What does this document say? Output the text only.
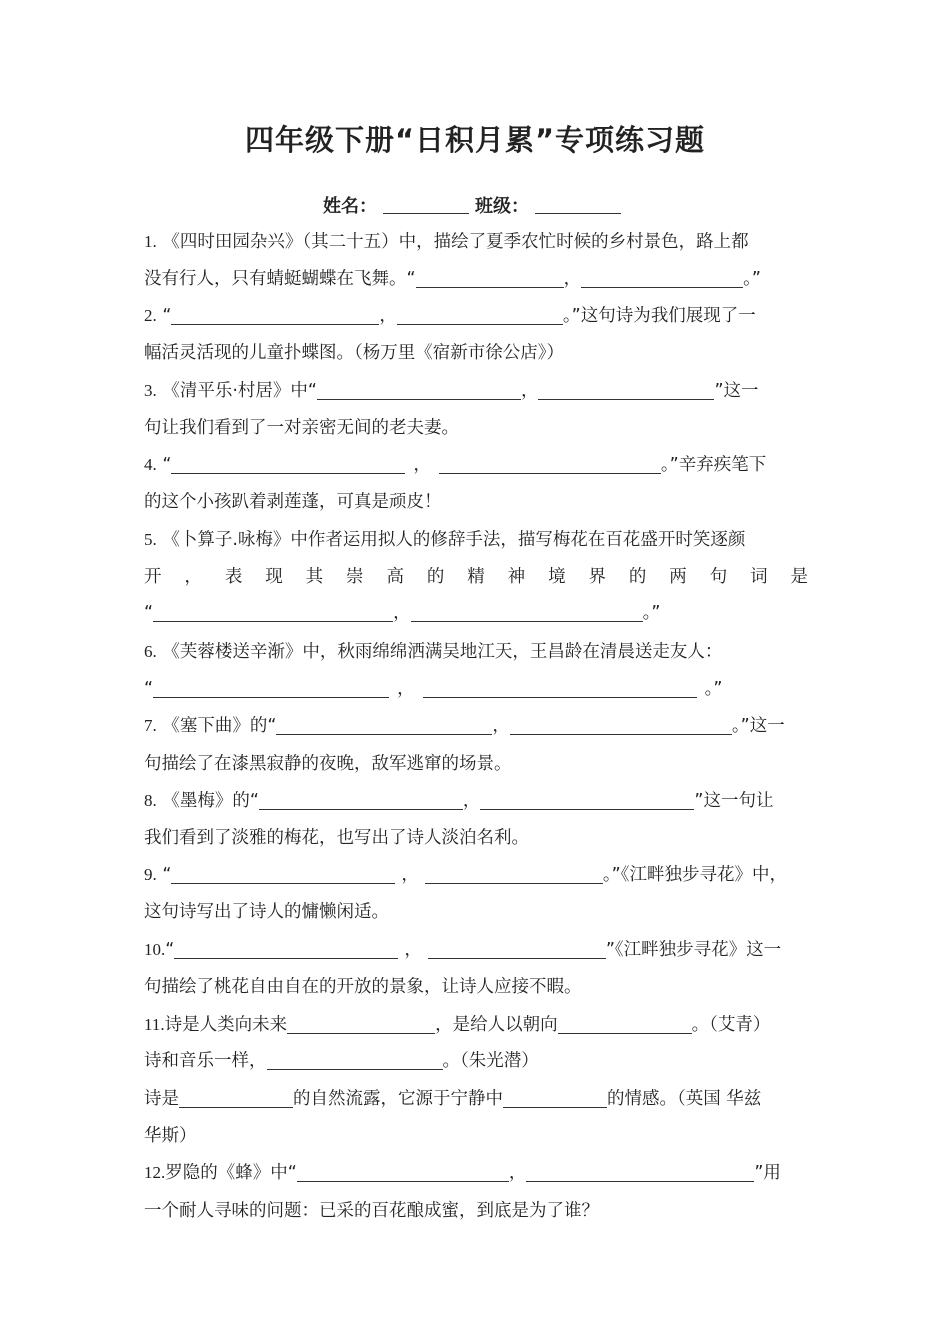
四年级下册“日积月累”专项练习题
姓名：	班级：
1. 《四时田园杂兴》（其二十五）中，描绘了夏季农忙时候的乡村景色，路上都
没有行人，只有蜻蜓蝴蝶在飞舞。“	，	。”
2. “	，	。”这句诗为我们展现了一
幅活灵活现的儿童扑蝶图。（杨万里《宿新市徐公店》）
3. 《清平乐·村居》中“	，	”这一
句让我们看到了一对亲密无间的老夫妻。
4. “	，	。”辛弃疾笔下
的这个小孩趴着剥莲蓬，可真是顽皮！
5. 《卜算子.咏梅》中作者运用拟人的修辞手法，描写梅花在百花盛开时笑逐颜
开 ， 表 现 其 崇 高 的 精 神 境 界 的 两 句 词 是
“	，	。”
6. 《芙蓉楼送辛渐》中，秋雨绵绵洒满吴地江天，王昌龄在清晨送走友人：
“	，	。”
7. 《塞下曲》的“	，	。”这一
句描绘了在漆黑寂静的夜晚，敌军逃窜的场景。
8. 《墨梅》的“	，	”这一句让
我们看到了淡雅的梅花，也写出了诗人淡泊名利。
9. “	，	。”《江畔独步寻花》中，
这句诗写出了诗人的慵懒闲适。
10.“	，	”《江畔独步寻花》这一
句描绘了桃花自由自在的开放的景象，让诗人应接不暇。
11.诗是人类向未来	，是给人以朝向	。（艾青）
诗和音乐一样，	。（朱光潜）
诗是	的自然流露，它源于宁静中	的情感。（英国 华兹
华斯）
12.罗隐的《蜂》中“	，	”用
一个耐人寻味的问题：已采的百花酿成蜜，到底是为了谁？
